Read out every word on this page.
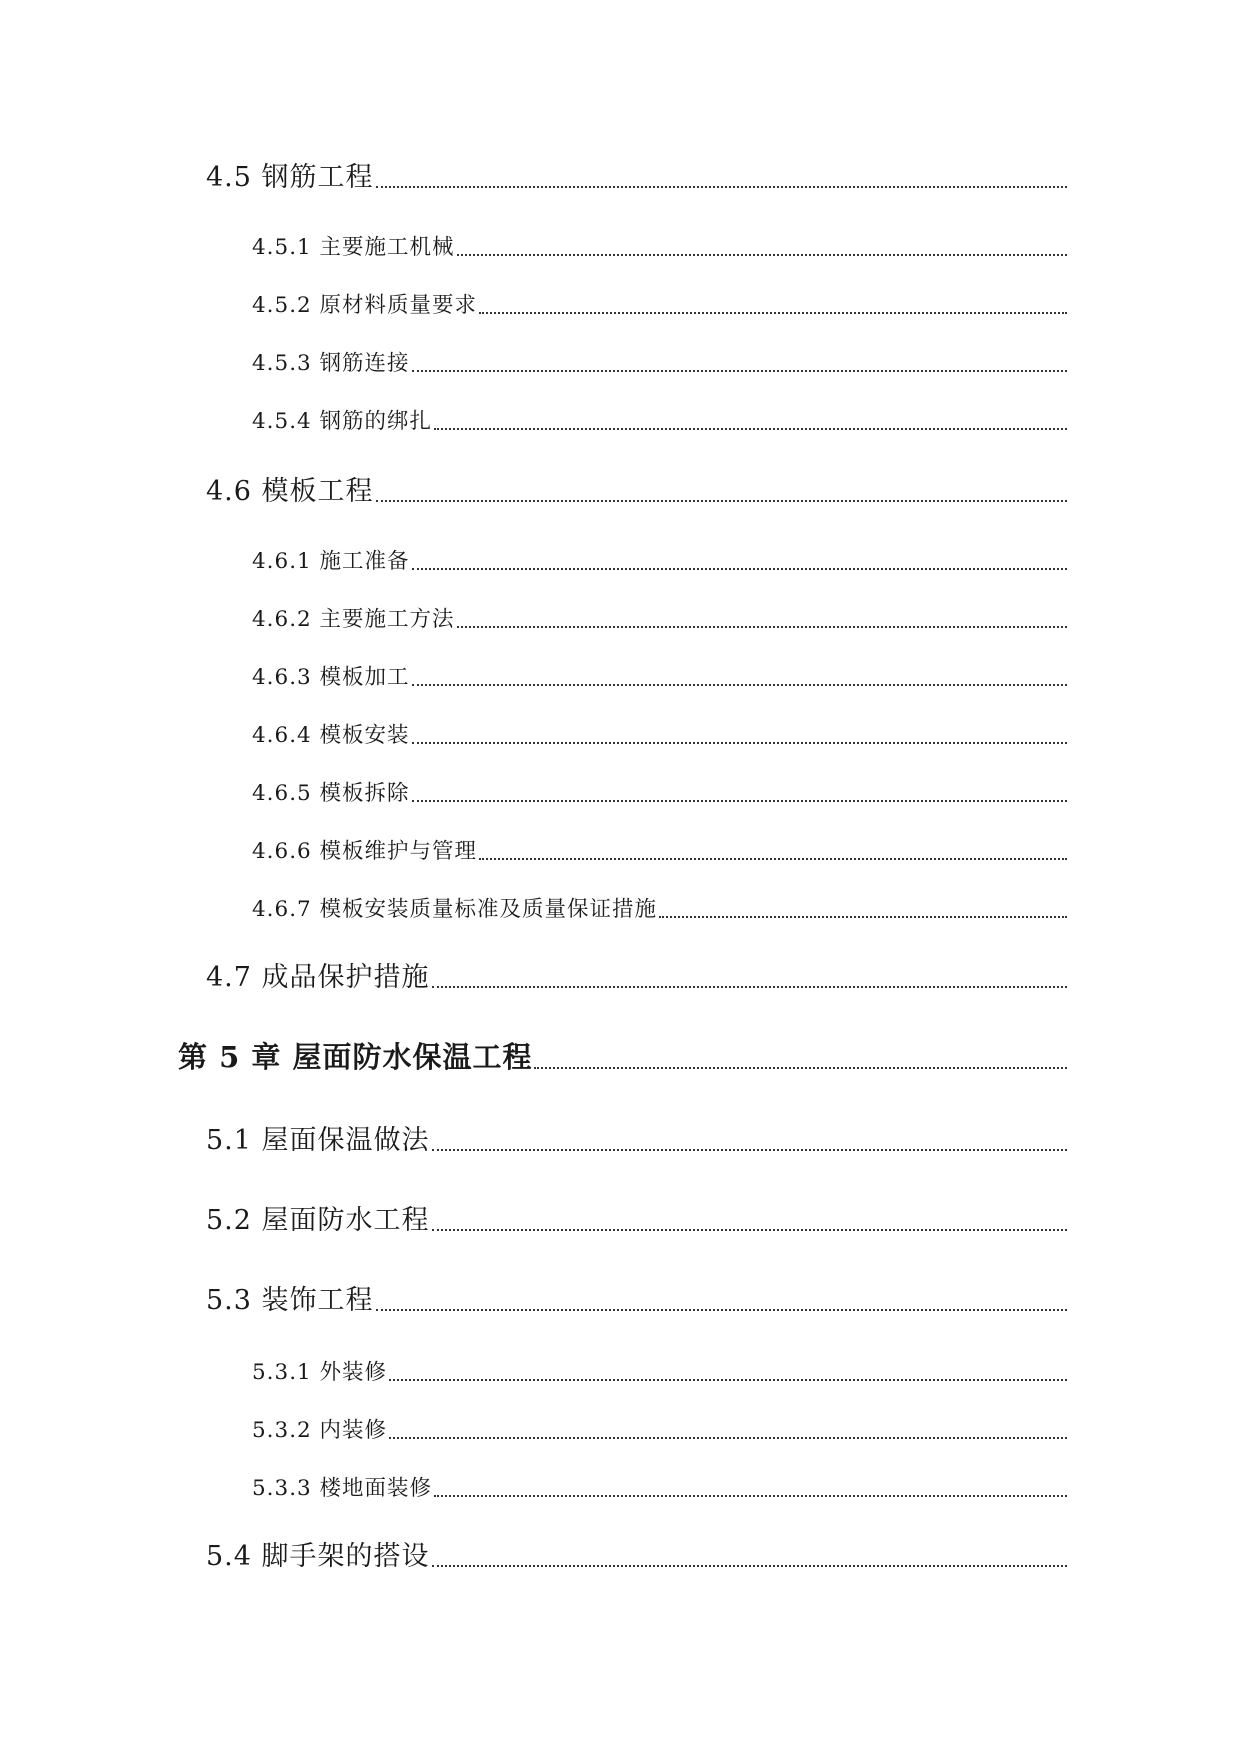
4.5 钢筋工程
4.5.1 主要施工机械
4.5.2 原材料质量要求
4.5.3 钢筋连接
4.5.4 钢筋的绑扎
4.6 模板工程
4.6.1 施工准备
4.6.2 主要施工方法
4.6.3 模板加工
4.6.4 模板安装
4.6.5 模板拆除
4.6.6 模板维护与管理
4.6.7 模板安装质量标准及质量保证措施
4.7 成品保护措施
第 5 章 屋面防水保温工程
5.1 屋面保温做法
5.2 屋面防水工程
5.3 装饰工程
5.3.1 外装修
5.3.2 内装修
5.3.3 楼地面装修
5.4 脚手架的搭设
